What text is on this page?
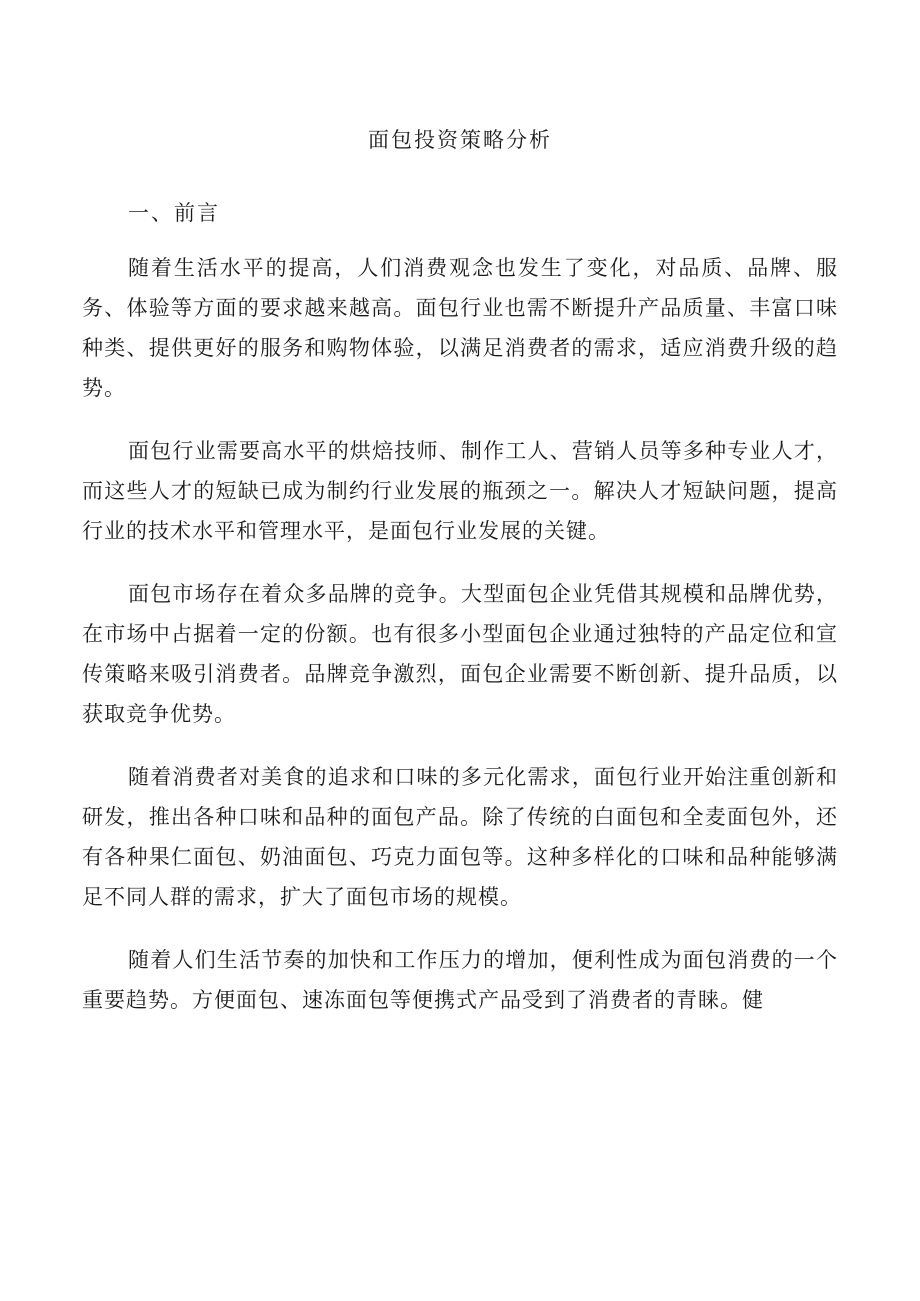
面包投资策略分析
一、前言

随着生活水平的提高，人们消费观念也发生了变化，对品质、品牌、服务、体验等方面的要求越来越高。面包行业也需不断提升产品质量、丰富口味种类、提供更好的服务和购物体验，以满足消费者的需求，适应消费升级的趋势。

面包行业需要高水平的烘焙技师、制作工人、营销人员等多种专业人才，而这些人才的短缺已成为制约行业发展的瓶颈之一。解决人才短缺问题，提高行业的技术水平和管理水平，是面包行业发展的关键。

面包市场存在着众多品牌的竞争。大型面包企业凭借其规模和品牌优势，在市场中占据着一定的份额。也有很多小型面包企业通过独特的产品定位和宣传策略来吸引消费者。品牌竞争激烈，面包企业需要不断创新、提升品质，以获取竞争优势。

随着消费者对美食的追求和口味的多元化需求，面包行业开始注重创新和研发，推出各种口味和品种的面包产品。除了传统的白面包和全麦面包外，还有各种果仁面包、奶油面包、巧克力面包等。这种多样化的口味和品种能够满足不同人群的需求，扩大了面包市场的规模。

随着人们生活节奏的加快和工作压力的增加，便利性成为面包消费的一个重要趋势。方便面包、速冻面包等便携式产品受到了消费者的青睐。健
